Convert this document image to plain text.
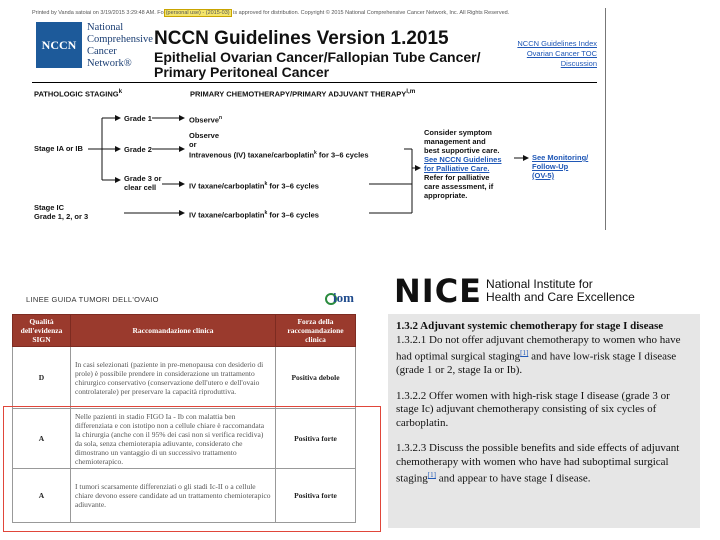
Printed by Vanda satoiai on 3/19/2015 3:29:48 AM. Fo (personal use) - (2015-03) is approved for distribution. Copyright © 2015 National Comprehensive Cancer Network, Inc. All Rights Reserved.
NCCN
National
Comprehensive
Cancer
Network®
NCCN Guidelines Version 1.2015
Epithelial Ovarian Cancer/Fallopian Tube Cancer/
Primary Peritoneal Cancer
NCCN Guidelines Index
Ovarian Cancer TOC
Discussion
PATHOLOGIC STAGING$^k$	PRIMARY CHEMOTHERAPY/PRIMARY ADJUVANT THERAPY$^{l,m}$
Stage IA or IB
Stage IC
Grade 1, 2, or 3
Grade 1
Grade 2
Grade 3 or
clear cell
Observe$^n$
Observe
or
Intravenous (IV) taxane/carboplatin$^k$ for 3–6 cycles
IV taxane/carboplatin$^k$ for 3–6 cycles
IV taxane/carboplatin$^k$ for 3–6 cycles
Consider symptom
management and
best supportive care.
See NCCN Guidelines
for Palliative Care.
Refer for palliative
care assessment, if
appropriate.
See Monitoring/
Follow-Up
(OV-5)
LINEE GUIDA TUMORI DELL'OVAIO	iom
Qualità dell'evidenza SIGN	Raccomandazione clinica	Forza della raccomandazione clinica
D	In casi selezionati (paziente in pre-menopausa con desiderio di prole) è possibile prendere in considerazione un trattamento chirurgico conservativo (conservazione dell'utero e dell'ovaio controlaterale) per preservare la capacità riproduttiva.	Positiva debole
A	Nelle pazienti in stadio FIGO Ia - Ib con malattia ben differenziata e con istotipo non a cellule chiare è raccomandata la chirurgia (anche con il 95% dei casi non si verifica recidiva) da sola, senza chemioterapia adiuvante, considerato che dimostrano un vantaggio di un successivo trattamento chemioterapico.	Positiva forte
A	I tumori scarsamente differenziati o gli stadi Ic-II o a cellule chiare devono essere candidate ad un trattamento chemioterapico adiuvante.	Positiva forte
NICE National Institute for
Health and Care Excellence

1.3.2 Adjuvant systemic chemotherapy for stage I disease

1.3.2.1 Do not offer adjuvant chemotherapy to women who have had optimal surgical staging[1] and have low-risk stage I disease (grade 1 or 2, stage Ia or Ib).

1.3.2.2 Offer women with high-risk stage I disease (grade 3 or stage Ic) adjuvant chemotherapy consisting of six cycles of carboplatin.

1.3.2.3 Discuss the possible benefits and side effects of adjuvant chemotherapy with women who have had suboptimal surgical staging[1] and appear to have stage I disease.
